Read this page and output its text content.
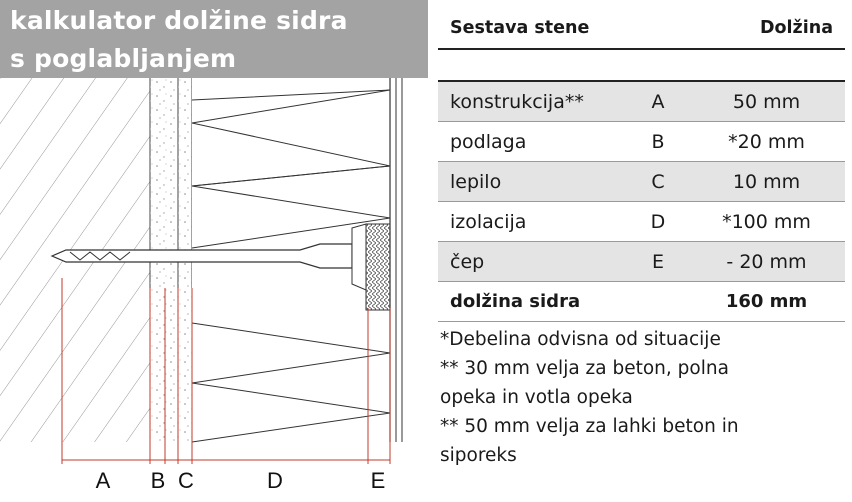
kalkulator dolžine sidra
s poglabljanjem
A B C	D	E
Sestava stene		Dolžina

konstrukcija**	A	50 mm
podlaga	B	*20 mm
lepilo	C	10 mm
izolacija	D	*100 mm
čep	E	- 20 mm
dolžina sidra		160 mm
*Debelina odvisna od situacije
** 30 mm velja za beton, polna
opeka in votla opeka
** 50 mm velja za lahki beton in
siporeks
